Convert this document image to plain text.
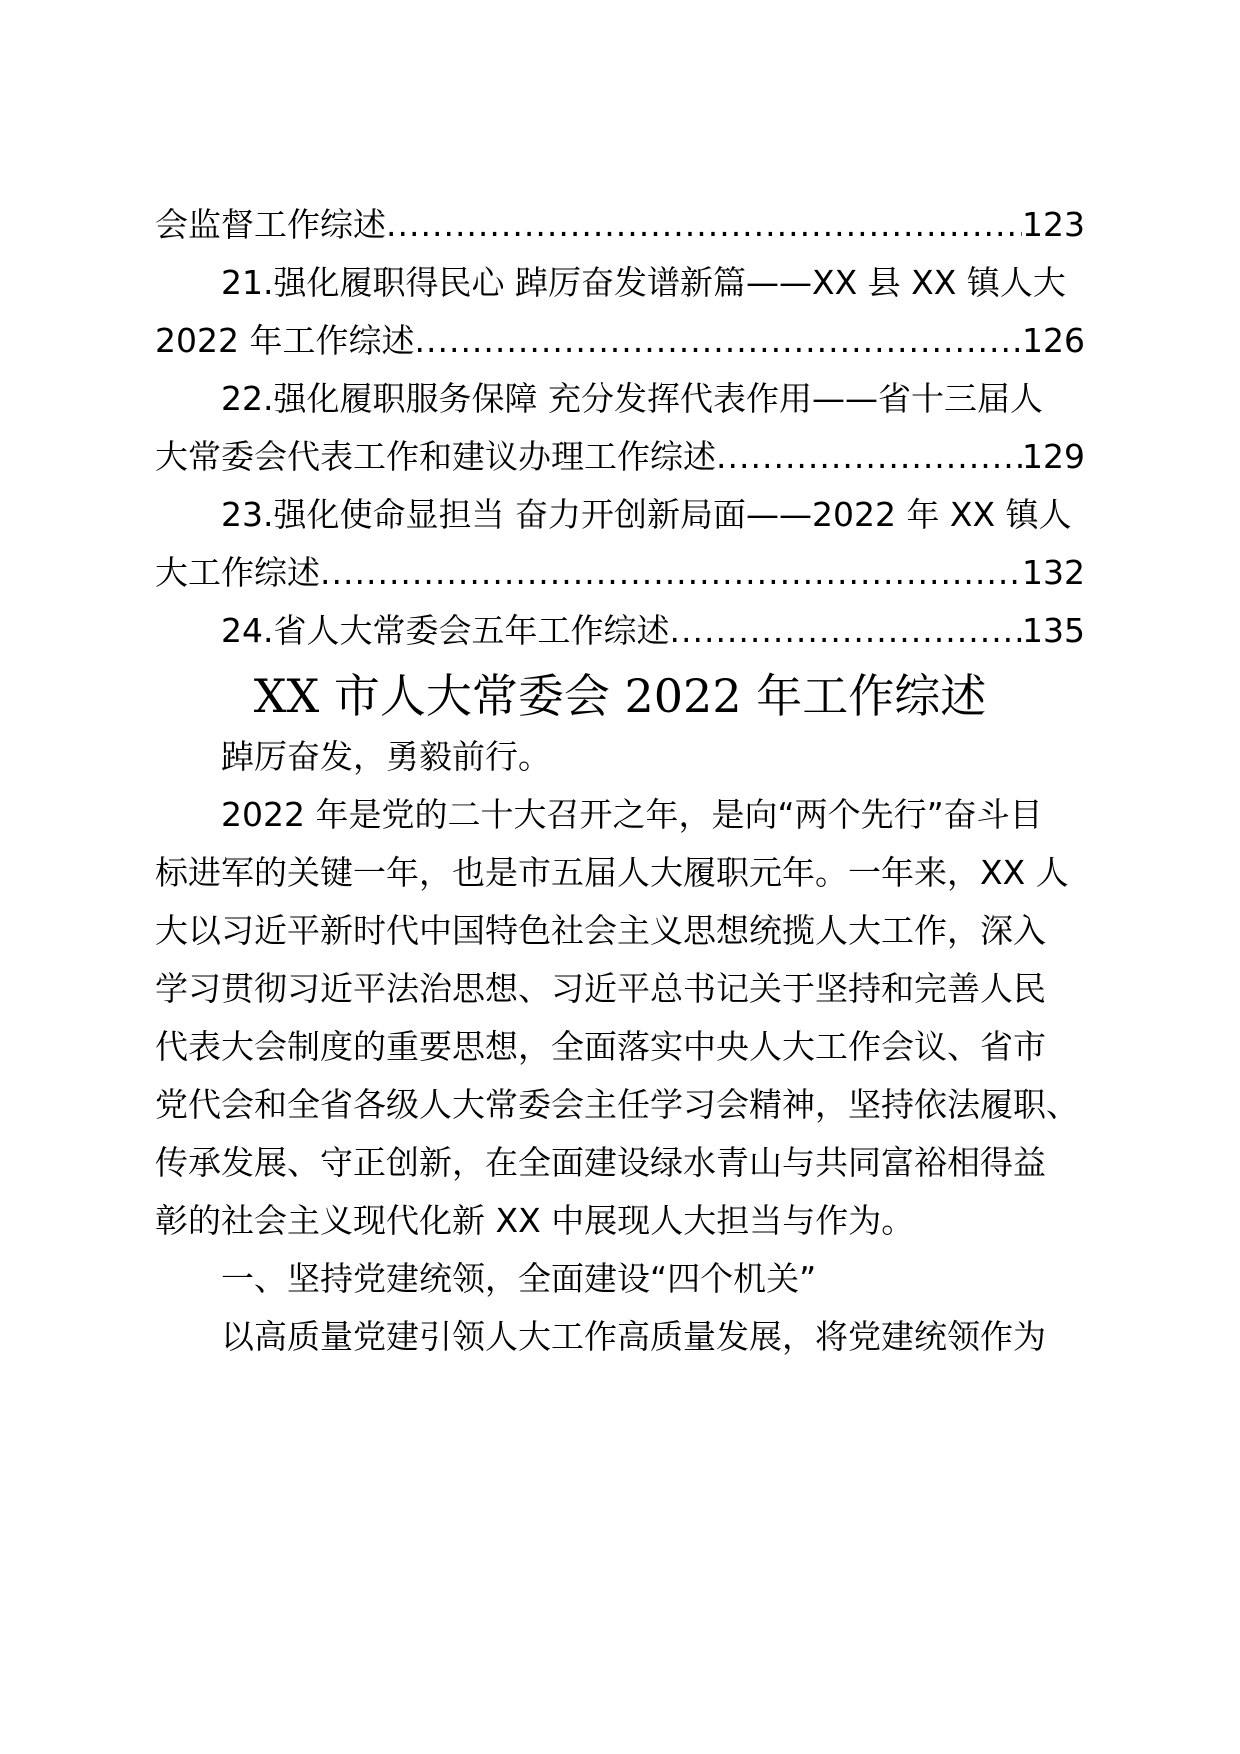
会监督工作综述 .....	123
21.强化履职得民心 踔厉奋发谱新篇——XX 县 XX 镇人大
2022 年工作综述 .....	126
22.强化履职服务保障 充分发挥代表作用——省十三届人
大常委会代表工作和建议办理工作综述 .....	129
23.强化使命显担当 奋力开创新局面——2022 年 XX 镇人
大工作综述 .....	132
24.省人大常委会五年工作综述 .....	135
XX 市人大常委会 2022 年工作综述
踔厉奋发，勇毅前行。
2022 年是党的二十大召开之年，是向“两个先行”奋斗目
标进军的关键一年，也是市五届人大履职元年。一年来，XX 人
大以习近平新时代中国特色社会主义思想统揽人大工作，深入
学习贯彻习近平法治思想、习近平总书记关于坚持和完善人民
代表大会制度的重要思想，全面落实中央人大工作会议、省市
党代会和全省各级人大常委会主任学习会精神，坚持依法履职、
传承发展、守正创新，在全面建设绿水青山与共同富裕相得益
彰的社会主义现代化新 XX 中展现人大担当与作为。
一、坚持党建统领，全面建设“四个机关”
以高质量党建引领人大工作高质量发展，将党建统领作为
